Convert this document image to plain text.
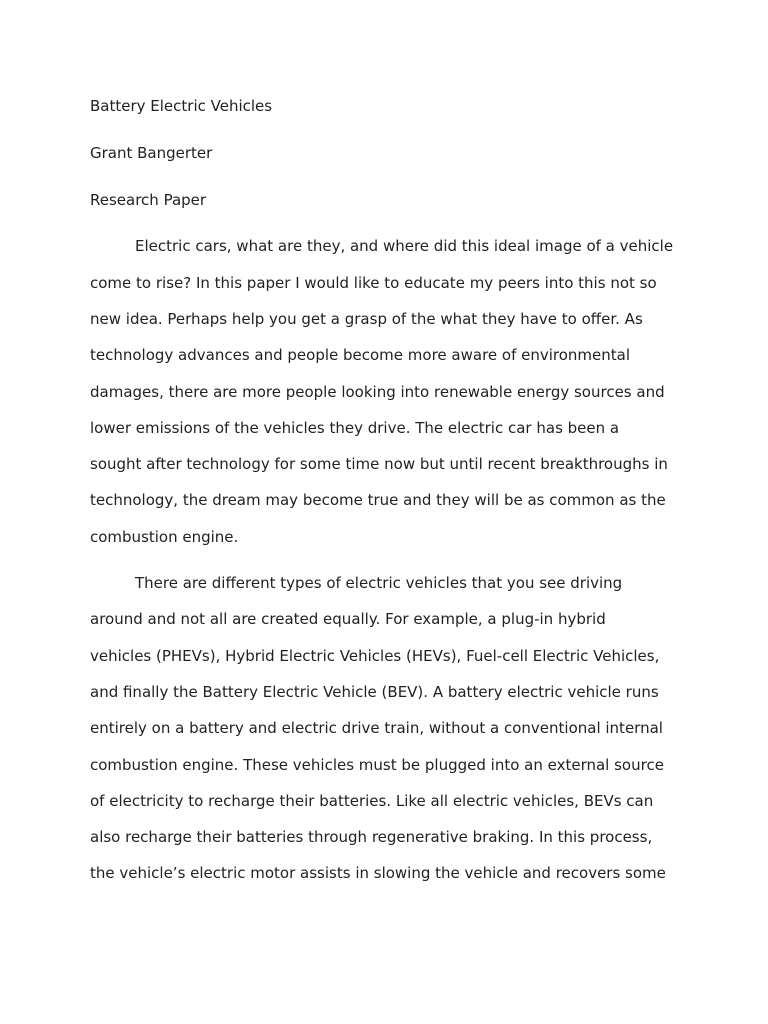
Battery Electric Vehicles
Grant Bangerter
Research Paper
Electric cars, what are they, and where did this ideal image of a vehicle
come to rise? In this paper I would like to educate my peers into this not so
new idea. Perhaps help you get a grasp of the what they have to offer. As
technology advances and people become more aware of environmental
damages, there are more people looking into renewable energy sources and
lower emissions of the vehicles they drive. The electric car has been a
sought after technology for some time now but until recent breakthroughs in
technology, the dream may become true and they will be as common as the
combustion engine.
There are different types of electric vehicles that you see driving
around and not all are created equally. For example, a plug-in hybrid
vehicles (PHEVs), Hybrid Electric Vehicles (HEVs), Fuel-cell Electric Vehicles,
and finally the Battery Electric Vehicle (BEV). A battery electric vehicle runs
entirely on a battery and electric drive train, without a conventional internal
combustion engine. These vehicles must be plugged into an external source
of electricity to recharge their batteries. Like all electric vehicles, BEVs can
also recharge their batteries through regenerative braking. In this process,
the vehicle’s electric motor assists in slowing the vehicle and recovers some
